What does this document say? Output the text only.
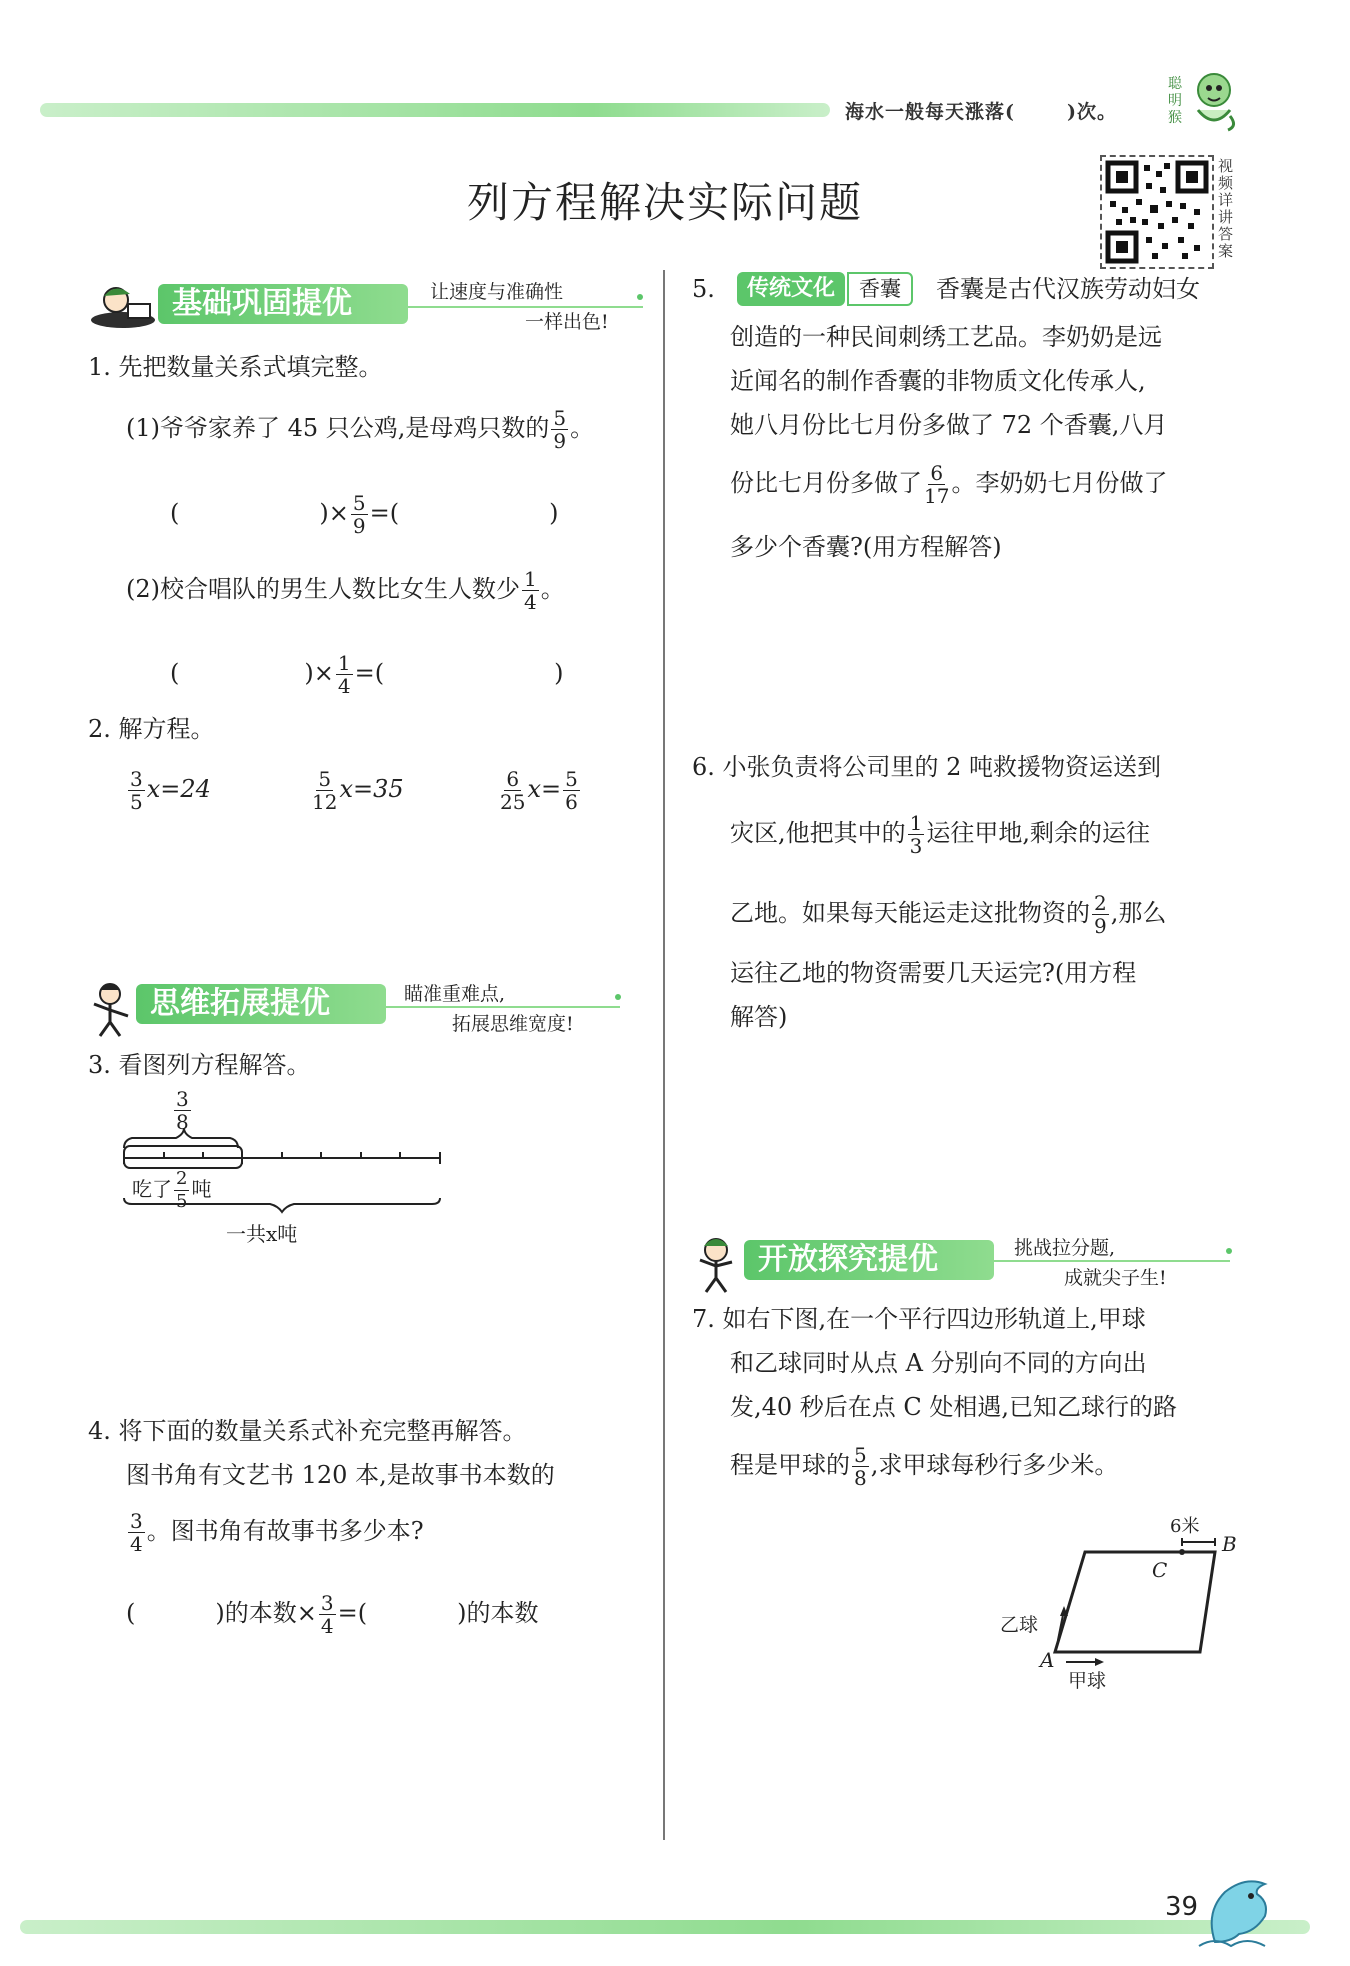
海水一般每天涨落(	)次。
聪明猴
列方程解决实际问题
视频详讲答案
基础巩固提优	让速度与准确性
一样出色!
1. 先把数量关系式填完整。
(1)爷爷家养了 45 只公鸡,是母鸡只数的 $\frac{5}{9}$ 。
(	)× $\frac{5}{9}$ =(	)
(2)校合唱队的男生人数比女生人数少 $\frac{1}{4}$ 。
(	)× $\frac{1}{4}$ =(	)
2. 解方程。
$\frac{3}{5} x=24$	$\frac{5}{12} x=35$	$\frac{6}{25} x= \frac{5}{6}$
思维拓展提优	瞄准重难点,
拓展思维宽度!
3. 看图列方程解答。
$\frac{3}{8}$
吃了 $\frac{2}{5}$ 吨
一共x吨
4. 将下面的数量关系式补充完整再解答。
图书角有文艺书 120 本,是故事书本数的
$\frac{3}{4}$ 。图书角有故事书多少本?
(	)的本数× $\frac{3}{4}$ =(	)的本数
5.	传统文化	香囊	香囊是古代汉族劳动妇女
创造的一种民间刺绣工艺品。李奶奶是远
近闻名的制作香囊的非物质文化传承人,
她八月份比七月份多做了 72 个香囊,八月
份比七月份多做了 $\frac{6}{17}$ 。李奶奶七月份做了
多少个香囊?(用方程解答)
6. 小张负责将公司里的 2 吨救援物资运送到
灾区,他把其中的 $\frac{1}{3}$ 运往甲地,剩余的运往
乙地。如果每天能运走这批物资的 $\frac{2}{9}$ ,那么
运往乙地的物资需要几天运完?(用方程
解答)
开放探究提优	挑战拉分题,
成就尖子生!
7. 如右下图,在一个平行四边形轨道上,甲球
和乙球同时从点 A 分别向不同的方向出
发,40 秒后在点 C 处相遇,已知乙球行的路
程是甲球的 $\frac{5}{8}$ ,求甲球每秒行多少米。
6米
B
C
A
乙球
甲球
39
